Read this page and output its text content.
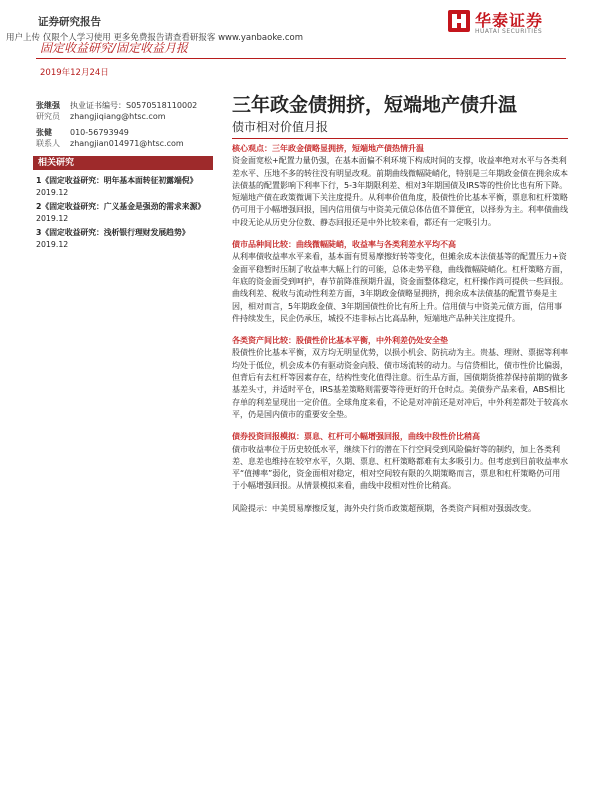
证券研究报告
用户上传 仅限个人学习使用 更多免费报告请查看研报客 www.yanbaoke.com
华泰证券
HUATAI SECURITIES
固定收益研究/固定收益月报
2019年12月24日
张继强 执业证书编号：S0570518110002
研究员 zhangjiqiang@htsc.com
张健 010-56793949
联系人 zhangjian014971@htsc.com
相关研究
1《固定收益研究：明年基本面转征初露端倪》2019.12
2《固定收益研究：广义基金是强劲的需求来源》2019.12
3《固定收益研究：浅析银行理财发展趋势》 2019.12
三年政金债拥挤，短端地产债升温
债市相对价值月报
核心观点：三年政金债略显拥挤，短端地产债热情升温
资金面宽松+配置力量仍强，在基本面偏不利环境下构成时间的支撑，收益率绝对水平与各类利差水平、压地不多的转往没有明显改观。前期曲线微幅陡峭化，特别是三年期政金债在拥余成本法债基的配置影响下利率下行，5-3年期限利差、相对3年期国债及IRS等的性价比也有所下降。短端地产债在政策微调下关注度提升。从利率价值角度，股债性价比基本平衡，票息和杠杆策略仍可用于小幅增强回报，国内信用债与中资美元债总体估值不算便宜，以择券为主。利率债曲线中段无论从历史分位数、静态回报还是中外比较来看，都还有一定吸引力。
债市品种间比较：曲线微幅陡峭，收益率与各类利差水平均不高
从利率债收益率水平来看，基本面有贸易摩擦好转等变化，但摊余成本法债基等的配置压力+资金面平稳暂时压制了收益率大幅上行的可能，总体走势平稳，曲线微幅陡峭化。杠杆策略方面，年底的资金面受到呵护，春节前降准预期升温，资金面整体稳定，杠杆操作尚可提供一些回报。曲线利差、税收与流动性利差方面，3年期政金债略显拥挤，拥余成本法债基的配置节奏是主因，相对而言，5年期政金债、3年期国债性价比有所上升。信用债与中资美元债方面，信用事件持续发生，民企仍承压，城投不违非标占比高品种，短端地产品种关注度提升。
各类资产间比较：股债性价比基本平衡，中外利差仍处安全垫
股债性价比基本平衡，双方均无明显优势，以损小机会、防抗动为主。贵基、理财、票据等利率均处于低位，机会成本仍有驱动资金向股、债市场流转的动力。与信贷相比，债市性价比偏弱，但背后有去杠杆等因素存在，结构性变化值得注意。衍生品方面，国债期货推荐保持前期的做多基差头寸，并适时平仓，IRS基差策略则需要等待更好的开仓时点。美债券产品来看，ABS相比存单的利差显现出一定价值。全球角度来看，不论是对冲前还是对冲后，中外利差都处于较高水平，仍是国内债市的重要安全垫。
债券投资回报模拟：票息、杠杆可小幅增强回报，曲线中段性价比稍高
债市收益率位于历史较低水平，继续下行的潜在下行空间受到风险偏好等的制约，加上各类利差、息差也维持在较窄水平，久期、票息、杠杆策略都难有太多吸引力。但考虑到目前收益率水平“值搏率”弱化，资金面相对稳定，相对空间较有限的久期策略而言，票息和杠杆策略仍可用于小幅增强回报。从情景模拟来看，曲线中段相对性价比稍高。
风险提示：中美贸易摩擦反复，海外央行货币政策超预期，各类资产间相对强弱改变。
